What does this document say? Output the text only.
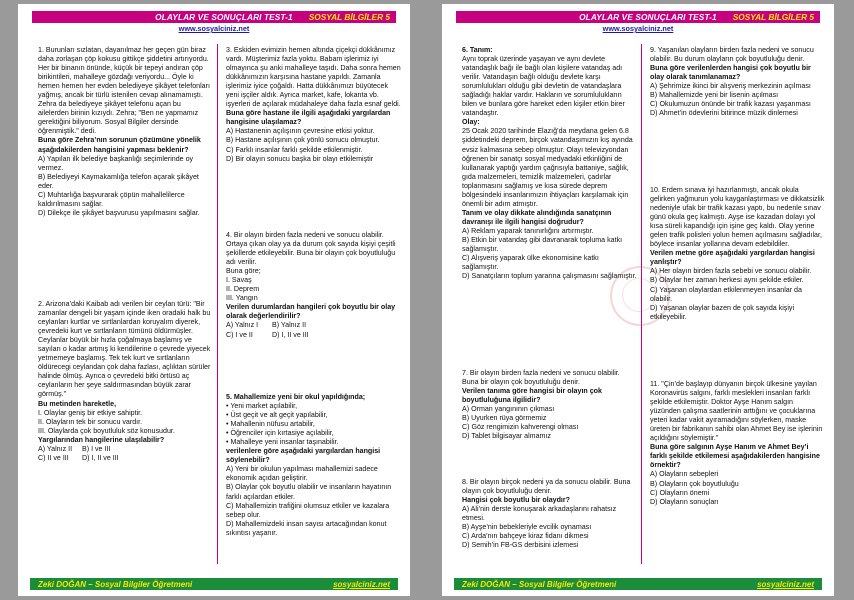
OLAYLAR VE SONUÇLARI TEST-1 SOSYAL BİLGİLER 5
www.sosyalciniz.net

1. Burunları sızlatan, dayanılmaz her geçen gün biraz daha zorlaşan çöp kokusu gittikçe şiddetini artırıyordu. Her bir binanın önünde, küçük bir tepeyi andıran çöp birikintileri, mahalleye gözdağı veriyordu... Öyle ki hemen hemen her evden belediyeye şikâyet telefonları yağmış, ancak bir türlü istenilen cevap alınamamıştı. Zehra da belediyeye şikâyet telefonu açan bu ailelerden birinin kızıydı. Zehra; "Ben ne yapmamız gerektiğini biliyorum. Sosyal Bilgiler dersinde öğrenmiştik." dedi.

Buna göre Zehra’nın sorunun çözümüne yönelik aşağıdakilerden hangisini yapması beklenir?

A) Yapılan ilk belediye başkanlığı seçimlerinde oy vermez.

B) Belediyeyi Kaymakamlığa telefon açarak şikâyet eder.

C) Muhtarlığa başvurarak çöpün mahallelilerce kaldırılmasını sağlar.

D) Dilekçe ile şikâyet başvurusu yapılmasını sağlar.

2. Arizona’daki Kaibab adı verilen bir ceylan türü: "Bir zamanlar dengeli bir yaşam içinde iken oradaki halk bu ceylanları kurtlar ve sırtlanlardan koruyalım diyerek, çevredeki kurt ve sırtlanların tümünü öldürmüşler. Ceylanlar büyük bir hızla çoğalmaya başlamış ve sayıları o kadar artmış ki kendilerine o çevrede yiyecek yetmemeye başlamış. Tek tek kurt ve sırtlanların öldürecegi ceylandan çok daha fazlası, açlıktan sürüler halinde ölmüş. Ayrıca o çevredeki bitki örtüsü aç ceylanların her şeye saldırmasından büyük zarar görmüş."

Bu metinden hareketle,

I. Olaylar geniş bir etkiye sahiptir.

II. Olayların tek bir sonucu vardır.

III. Olaylarda çok boyutluluk söz konusudur.

Yargılarından hangilerine ulaşılabilir?

A) Yalnız II B) I ve III

C) II ve III D) I, II ve III

3. Eskiden evimizin hemen altında çiçekçi dükkânımız vardı. Müşterimiz fazla yoktu. Babam işlerimiz iyi olmayınca şu anki mahalleye taşıdı. Daha sonra hemen dükkânımızın karşısına hastane yapıldı. Zamanla işlerimiz iyice çoğaldı. Hatta dükkânımızı büyütecek yeni işçiler aldık. Ayrıca market, kafe, lokanta vb. işyerleri de açılarak müdahaleye daha fazla esnaf geldi.

Buna göre hastane ile ilgili aşağıdaki yargılardan hangisine ulaşılamaz?

A) Hastanenin açılışının çevresine etkisi yoktur.

B) Hastane açılışının çok yönlü sonucu olmuştur.

C) Farklı insanlar farklı şekilde etkilenmiştir.

D) Bir olayın sonucu başka bir olayı etkilemiştir

4. Bir olayın birden fazla nedeni ve sonucu olabilir. Ortaya çıkan olay ya da durum çok sayıda kişiyi çeşitli şekillerde etkileyebilir. Buna bir olayın çok boyutluluğu adı verilir.

Buna göre;

I. Savaş

II. Deprem

III. Yangın

Verilen durumlardan hangileri çok boyutlu bir olay olarak değerlendirilir?

A) Yalnız I B) Yalnız II

C) I ve II	D) I, II ve III

5. Mahallemize yeni bir okul yapıldığında;

• Yeni market açılabilir,

• Üst geçit ve alt geçit yapılabilir,

• Mahallenin nüfusu artabilir,

• Öğrenciler için kırtasiye açılabilir,

• Mahalleye yeni insanlar taşınabilir.

verilenlere göre aşağıdaki yargılardan hangisi söylenebilir?

A) Yeni bir okulun yapılması mahallemizi sadece ekonomik açıdan geliştirir.

B) Olaylar çok boyutlu olabilir ve insanların hayatının farklı açılardan etkiler.

C) Mahallemizin trafiğini olumsuz etkiler ve kazalara sebep olur.

D) Mahallemizdeki insan sayısı artacağından konut sıkıntısı yaşanır.

Zeki DOĞAN – Sosyal Bilgiler Öğretmeni	sosyalciniz.net
OLAYLAR VE SONUÇLARI TEST-1 SOSYAL BİLGİLER 5
www.sosyalciniz.net

6. Tanım:

Aynı toprak üzerinde yaşayan ve aynı devlete vatandaşlık bağı ile bağlı olan kişilere vatandaş adı verilir. Vatandaşın bağlı olduğu devlete karşı sorumlulukları olduğu gibi devletin de vatandaşlara sağladığı haklar vardır. Hakların ve sorumlulukların bilen ve bunlara göre hareket eden kişiler etkin birer vatandaştır.

Olay:

25 Ocak 2020 tarihinde Elazığ’da meydana gelen 6.8 şiddetindeki deprem, birçok vatandaşımızın kış ayında evsiz kalmasına sebep olmuştur. Olayı televizyondan öğrenen bir sanatçı sosyal medyadaki etkinliğini de kullanarak yaptığı yardım çağrısıyla battaniye, sağlık, gıda malzemeleri, temizlik malzemeleri, çadırlar toplanmasını sağlamış ve kısa sürede deprem bölgesindeki insanlarımızın ihtiyaçları karşılamak için önemli bir adım atmıştır.

Tanım ve olay dikkate alındığında sanatçının davranışı ile ilgili hangisi doğrudur?

A) Reklam yaparak tanınırlığını artırmıştır.

B) Etkin bir vatandaş gibi davranarak topluma katkı sağlamıştır.

C) Alışveriş yaparak ülke ekonomisine katkı sağlamıştır.

D) Sanatçıların toplum yararına çalışmasını sağlamıştır.

7. Bir olayın birden fazla nedeni ve sonucu olabilir. Buna bir olayın çok boyutluluğu denir.

Verilen tanıma göre hangisi bir olayın çok boyutluluğuna ilgilidir?

A) Orman yangınının çıkması

B) Uyurken rüya görmemiz

C) Göz rengimizin kahverengi olması

D) Tablet bilgisayar almamız

8. Bir olayın birçok nedeni ya da sonucu olabilir. Buna olayın çok boyutluluğu denir.

Hangisi çok boyutlu bir olaydır?

A) Ali’nin derste konuşarak arkadaşlarını rahatsız etmesi.

B) Ayşe’nin bebekleriyle evcilik oynaması

C) Arda’nın bahçeye kiraz fidanı dikmesi

D) Semih’in FB-GS derbisini izlemesi

9. Yaşanılan olayların birden fazla nedeni ve sonucu olabilir. Bu durum olayların çok boyutluluğu denir.

Buna göre verilenlerden hangisi çok boyutlu bir olay olarak tanımlanamaz?

A) Şehrimize ikinci bir alışveriş merkezinin açılması

B) Mahallemizde yeni bir lisenin açılması

C) Okulumuzun önünde bir trafik kazası yaşanması

D) Ahmet’in ödevlerini bitirince müzik dinlemesi

10. Erdem sınava iyi hazırlanmıştı, ancak okula gelirken yağmurun yolu kayganlaştırması ve dikkatsizlik nedeniyle ufak bir trafik kazası yaptı, bu nedenle sınav günü okula geç kalmıştı. Ayşe ise kazadan dolayı yol kısa süreli kapandığı için işine geç kaldı. Olay yerine gelen trafik polisleri yolun hemen açılmasını sağladılar, böylece insanlar yollarına devam edebildiler.

Verilen metne göre aşağıdaki yargılardan hangisi yanlıştır?

A) Her olayın birden fazla sebebi ve sonucu olabilir.

B) Olaylar her zaman herkesi aynı şekilde etkiler.

C) Yaşanan olaylardan etkilenmeyen insanlar da olabilir.

D) Yaşanan olaylar bazen de çok sayıda kişiyi etkileyebilir.

11. "Çin’de başlayıp dünyanın birçok ülkesine yayılan Koronavirüs salgını, farklı meslekleri insanları farklı şekilde etkilemiştir. Doktor Ayşe Hanım salgın yüzünden çalışma saatlerinin arttığını ve çocuklarına yeteri kadar vakit ayıramadığını söylerken, maske üreten bir fabrikanın sahibi olan Ahmet Bey ise işlerinin açıldığını söylemiştir."

Buna göre salgının Ayşe Hanım ve Ahmet Bey’i farklı şekilde etkilemesi aşağıdakilerden hangisine örnektir?

A) Olayların sebepleri

B) Olayların çok boyutluluğu

C) Olayların önemi

D) Olayların sonuçları

Zeki DOĞAN – Sosyal Bilgiler Öğretmeni	sosyalciniz.net
